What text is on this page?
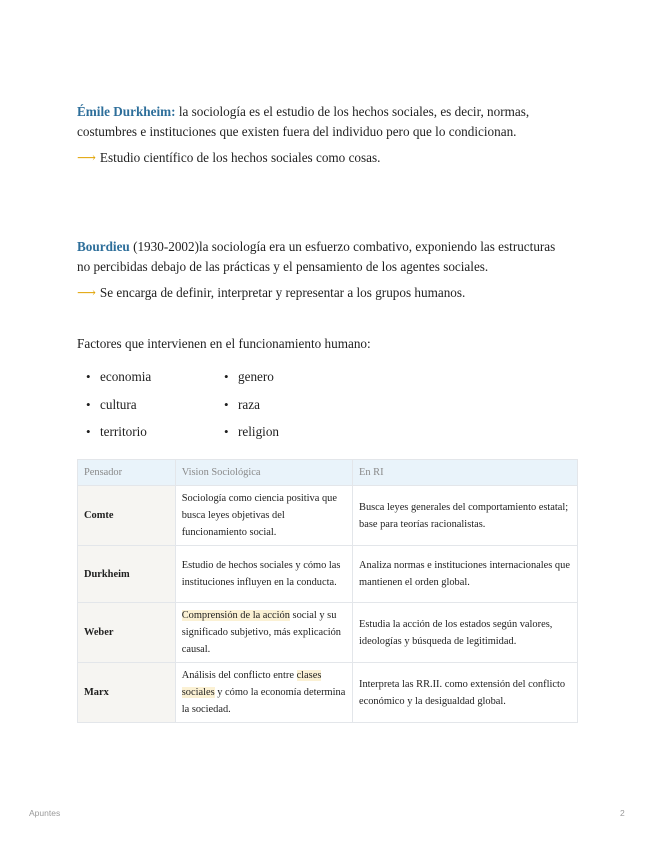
Émile Durkheim: la sociología es el estudio de los hechos sociales, es decir, normas, costumbres e instituciones que existen fuera del individuo pero que lo condicionan.
⟶ Estudio científico de los hechos sociales como cosas.
Bourdieu (1930-2002)la sociología era un esfuerzo combativo, exponiendo las estructuras no percibidas debajo de las prácticas y el pensamiento de los agentes sociales.
⟶ Se encarga de definir, interpretar y representar a los grupos humanos.
Factores que intervienen en el funcionamiento humano:
• economia
• cultura
• territorio
• genero
• raza
• religion
Pensador	Vision Sociológica	En RI
Comte	Sociología como ciencia positiva que busca leyes objetivas del funcionamiento social.	Busca leyes generales del comportamiento estatal; base para teorías racionalistas.
Durkheim	Estudio de hechos sociales y cómo las instituciones influyen en la conducta.	Analiza normas e instituciones internacionales que mantienen el orden global.
Weber	Comprensión de la acción social y su significado subjetivo, más explicación causal.	Estudia la acción de los estados según valores, ideologías y búsqueda de legitimidad.
Marx	Análisis del conflicto entre clases sociales y cómo la economía determina la sociedad.	Interpreta las RR.II. como extensión del conflicto económico y la desigualdad global.
Apuntes	2
